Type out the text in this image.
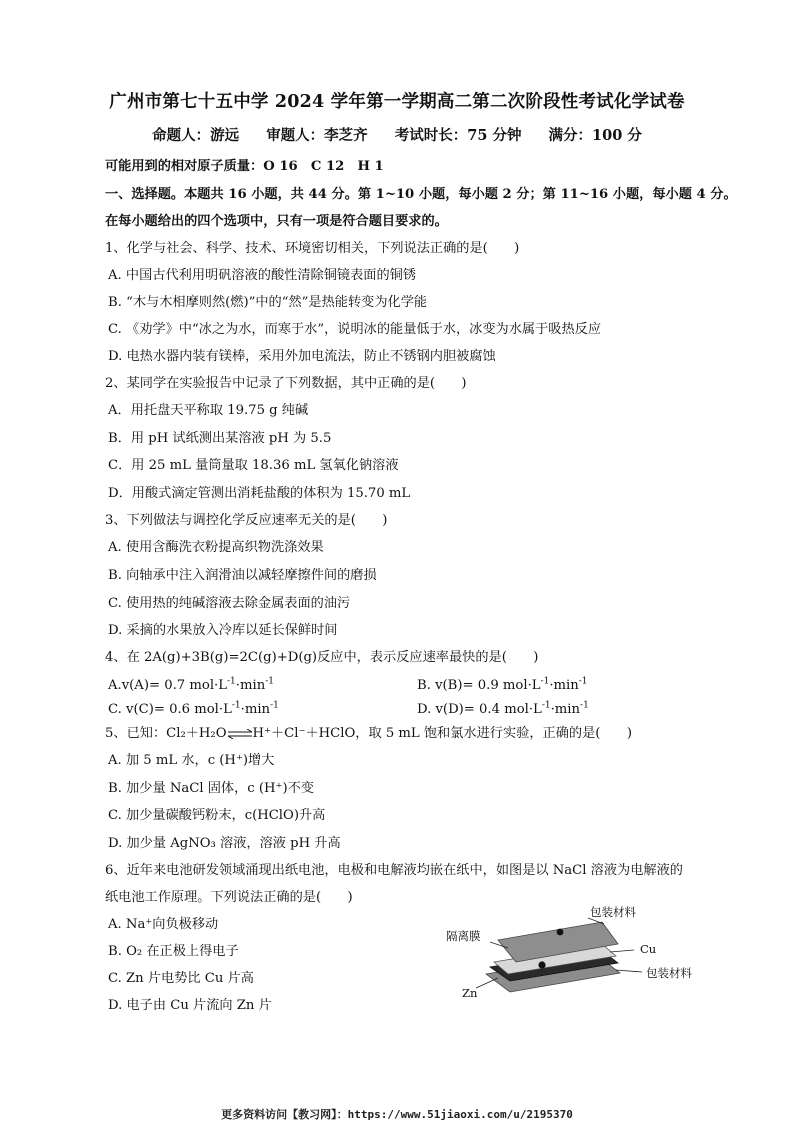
广州市第七十五中学 2024 学年第一学期高二第二次阶段性考试化学试卷
命题人：游远 审题人：李芝齐 考试时长：75 分钟 满分：100 分
可能用到的相对原子质量：O 16　C 12　H 1
一、选择题。本题共 16 小题，共 44 分。第 1~10 小题，每小题 2 分；第 11~16 小题，每小题 4 分。
在每小题给出的四个选项中，只有一项是符合题目要求的。
1、化学与社会、科学、技术、环境密切相关，下列说法正确的是(　　)
A. 中国古代利用明矾溶液的酸性清除铜镜表面的铜锈
B. “木与木相摩则然(燃)”中的“然”是热能转变为化学能
C. 《劝学》中“冰之为水，而寒于水”，说明冰的能量低于水，冰变为水属于吸热反应
D. 电热水器内装有镁棒，采用外加电流法，防止不锈钢内胆被腐蚀
2、某同学在实验报告中记录了下列数据，其中正确的是(　　)
A．用托盘天平称取 19.75 g 纯碱
B．用 pH 试纸测出某溶液 pH 为 5.5
C．用 25 mL 量筒量取 18.36 mL 氢氧化钠溶液
D．用酸式滴定管测出消耗盐酸的体积为 15.70 mL
3、下列做法与调控化学反应速率无关的是(　　)
A. 使用含酶洗衣粉提高织物洗涤效果
B. 向轴承中注入润滑油以减轻摩擦件间的磨损
C. 使用热的纯碱溶液去除金属表面的油污
D. 采摘的水果放入冷库以延长保鲜时间
4、在 2A(g)+3B(g)=2C(g)+D(g)反应中，表示反应速率最快的是(　　)
A.v(A)= 0.7 $mol\cdot L^{-1}\cdot\min^{-1}$	B. v(B)= 0.9 $mol\cdot L^{-1}\cdot\min^{-1}$
C. v(C)= 0.6 $mol\cdot L^{-1}\cdot\min^{-1}$	D. v(D)= 0.4 $mol\cdot L^{-1}\cdot\min^{-1}$
5、已知：Cl₂＋H₂O⇌H⁺＋Cl⁻＋HClO，取 5 mL 饱和氯水进行实验，正确的是(　　)
A. 加 5 mL 水，c (H⁺)增大
B. 加少量 NaCl 固体，c (H⁺)不变
C. 加少量碳酸钙粉末，c(HClO)升高
D. 加少量 AgNO₃ 溶液，溶液 pH 升高
6、近年来电池研发领域涌现出纸电池，电极和电解液均嵌在纸中，如图是以 NaCl 溶液为电解液的
纸电池工作原理。下列说法正确的是(　　)
A. Na⁺向负极移动
B. O₂ 在正极上得电子
C. Zn 片电势比 Cu 片高
D. 电子由 Cu 片流向 Zn 片
包装材料
隔离膜
Cu
包装材料
Zn
更多资料访问【教习网】：https://www.51jiaoxi.com/u/2195370
